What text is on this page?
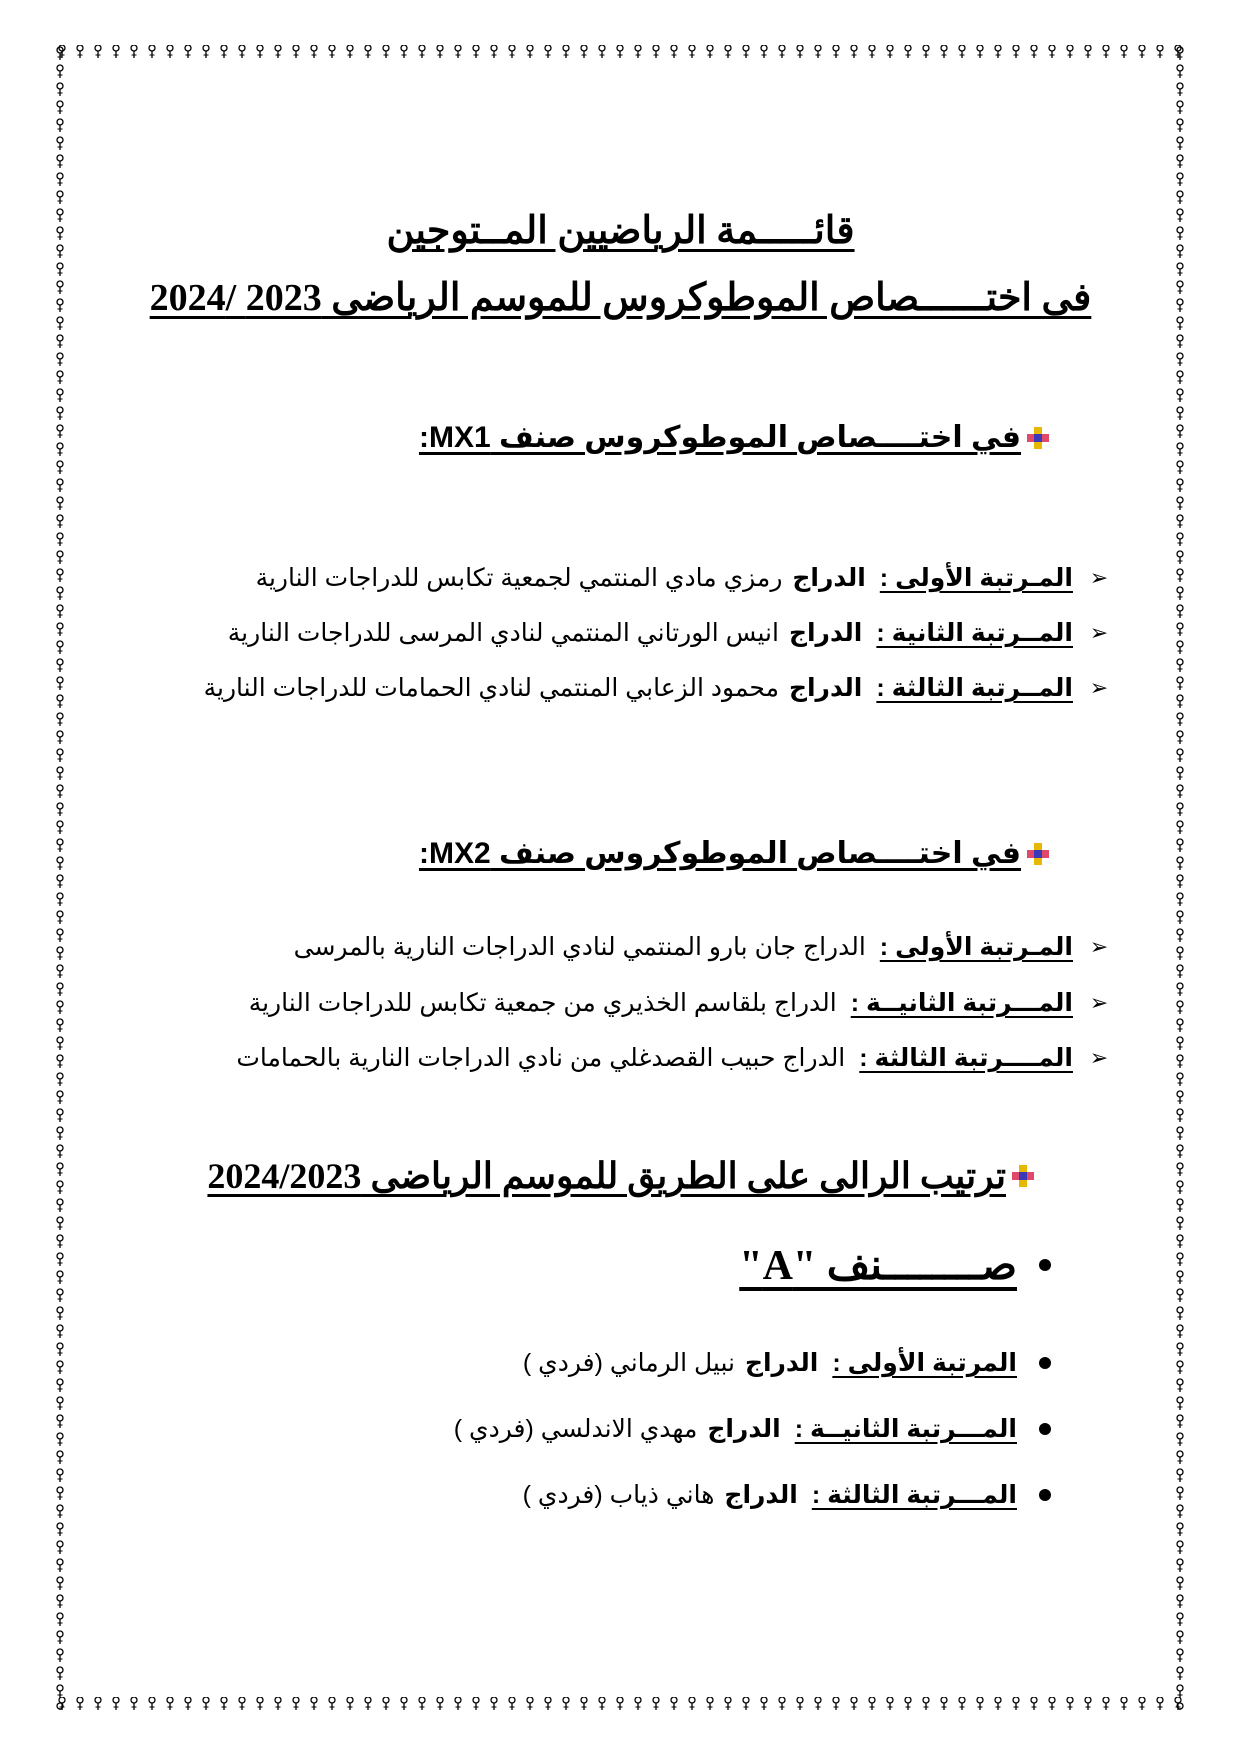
قائـــــمة الرياضيين المــتوجين
فى اختــــــصاص الموطوكروس للموسم الرياضى 2023 /2024
في اختــــصاص الموطوكروس صنف MX1:
➢
المـرتبة الأولى :
الدراج
رمزي مادي المنتمي لجمعية تكابس للدراجات النارية
➢
المــرتبة الثانية :
الدراج
انيس الورتاني المنتمي لنادي المرسى للدراجات النارية
➢
المــرتبة الثالثة :
الدراج
محمود الزعابي المنتمي لنادي الحمامات للدراجات النارية
في اختــــصاص الموطوكروس صنف MX2:
➢
المـرتبة الأولى :
الدراج جان بارو المنتمي لنادي الدراجات النارية بالمرسى
➢
المـــرتبة الثانيــة :
الدراج بلقاسم الخذيري من جمعية تكابس للدراجات النارية
➢
المــــرتبة الثالثة :
الدراج حبيب القصدغلي من نادي الدراجات النارية بالحمامات
ترتيب الرالى على الطريق للموسم الرياضى 2024/2023
صــــــــنف "A"
المرتبة الأولى :
الدراج
نبيل الرماني (فردي )
المـــرتبة الثانيــة :
الدراج
مهدي الاندلسي (فردي )
المـــرتبة الثالثة :
الدراج
هاني ذياب (فردي )
